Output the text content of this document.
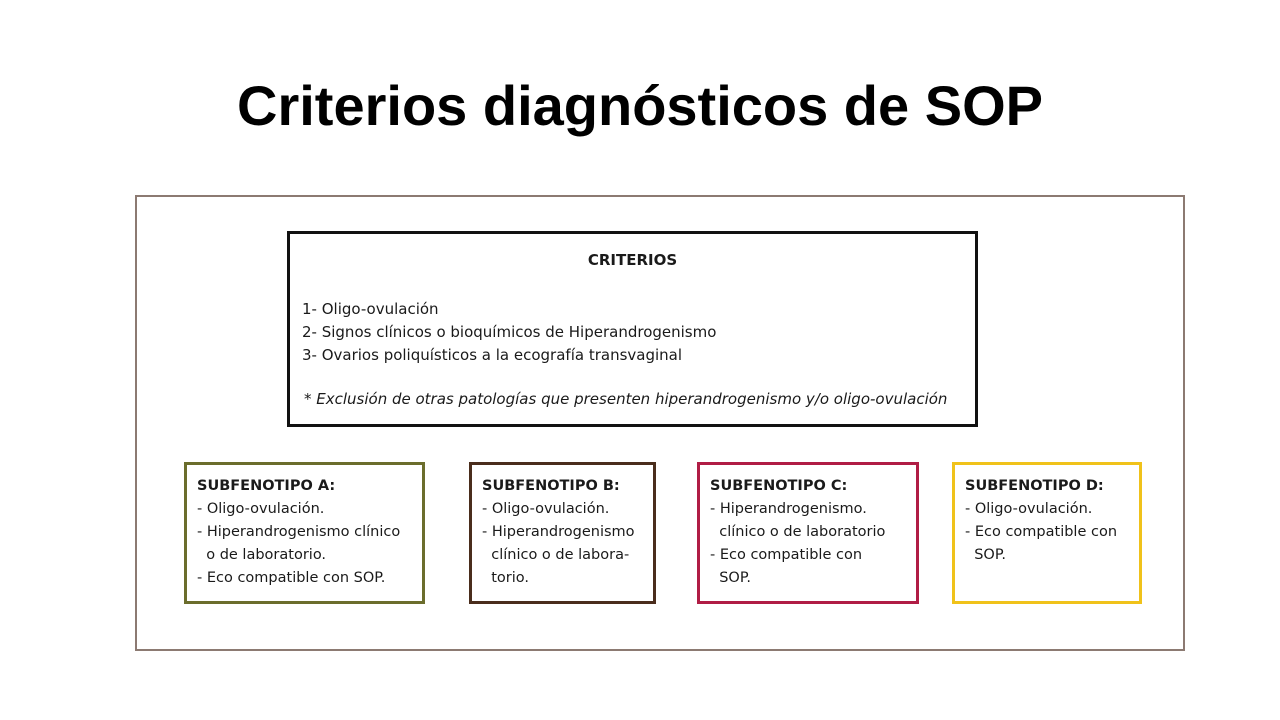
Criterios diagnósticos de SOP
CRITERIOS
1- Oligo-ovulación
2- Signos clínicos o bioquímicos de Hiperandrogenismo
3- Ovarios poliquísticos a la ecografía transvaginal
* Exclusión de otras patologías que presenten hiperandrogenismo y/o oligo-ovulación
SUBFENOTIPO A:
- Oligo-ovulación.
- Hiperandrogenismo clínico
o de laboratorio.
- Eco compatible con SOP.
SUBFENOTIPO B:
- Oligo-ovulación.
- Hiperandrogenismo
clínico o de labora-
torio.
SUBFENOTIPO C:
- Hiperandrogenismo.
clínico o de laboratorio
- Eco compatible con
SOP.
SUBFENOTIPO D:
- Oligo-ovulación.
- Eco compatible con
SOP.
